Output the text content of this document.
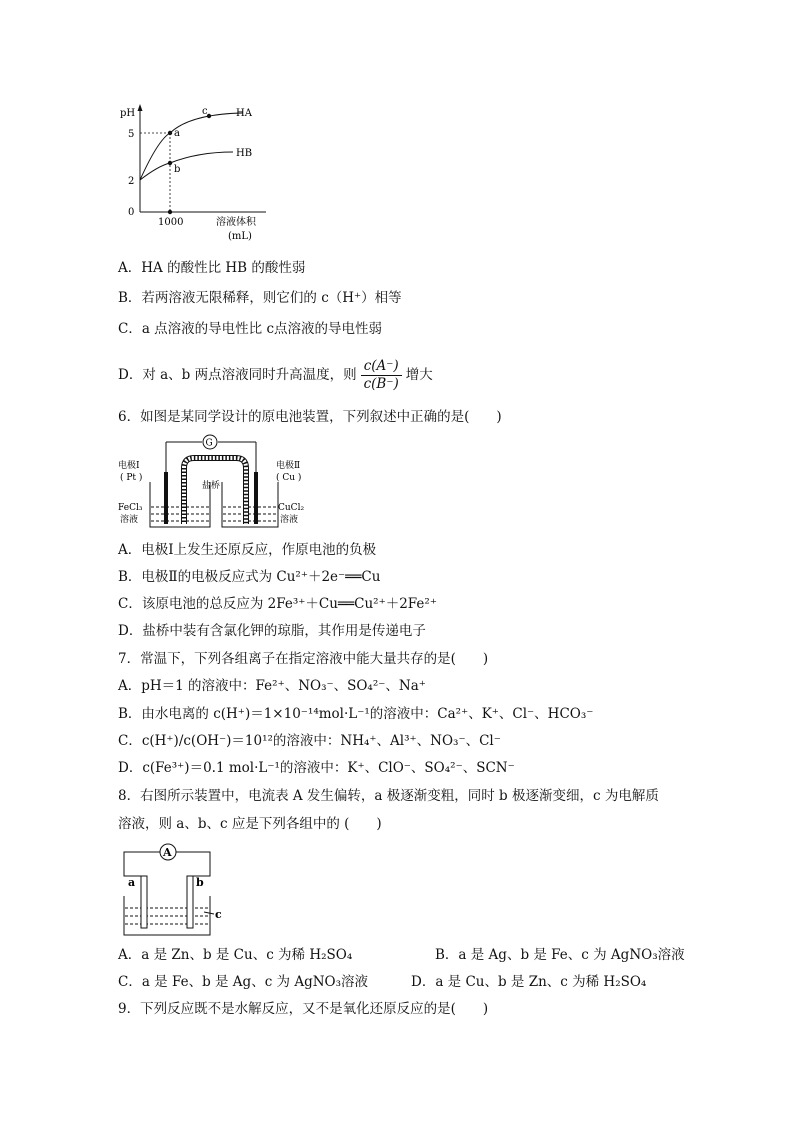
pH
5
2
0
a
b
c	HA
HB
1000	溶液体积
(mL)
A．HA 的酸性比 HB 的酸性弱
B．若两溶液无限稀释，则它们的 c（H⁺）相等
C．a 点溶液的导电性比 c点溶液的导电性弱
D．对 a、b 两点溶液同时升高温度，则 $\frac{c(A^-)}{c(B^-)}$ 增大
6．如图是某同学设计的原电池装置，下列叙述中正确的是(　　)
G
电极Ⅰ
( Pt )
电极Ⅱ
( Cu )
盐桥
FeCl₃
溶液
CuCl₂
溶液
A．电极Ⅰ上发生还原反应，作原电池的负极
B．电极Ⅱ的电极反应式为 Cu²⁺＋2e⁻══Cu
C．该原电池的总反应为 2Fe³⁺＋Cu══Cu²⁺＋2Fe²⁺
D．盐桥中装有含氯化钾的琼脂，其作用是传递电子
7．常温下，下列各组离子在指定溶液中能大量共存的是(　　)
A．pH＝1 的溶液中：Fe²⁺、NO₃⁻、SO₄²⁻、Na⁺
B．由水电离的 c(H⁺)＝1×10⁻¹⁴mol·L⁻¹的溶液中：Ca²⁺、K⁺、Cl⁻、HCO₃⁻
C．c(H⁺)/c(OH⁻)＝10¹²的溶液中：NH₄⁺、Al³⁺、NO₃⁻、Cl⁻
D．c(Fe³⁺)＝0.1 mol·L⁻¹的溶液中：K⁺、ClO⁻、SO₄²⁻、SCN⁻
8．右图所示装置中，电流表 A 发生偏转，a 极逐渐变粗，同时 b 极逐渐变细，c 为电解质
溶液，则 a、b、c 应是下列各组中的 (　　)
A
a	b
c
A．a 是 Zn、b 是 Cu、c 为稀 H₂SO₄	B．a 是 Ag、b 是 Fe、c 为 AgNO₃溶液
C．a 是 Fe、b 是 Ag、c 为 AgNO₃溶液	D．a 是 Cu、b 是 Zn、c 为稀 H₂SO₄
9．下列反应既不是水解反应，又不是氧化还原反应的是(　　)
